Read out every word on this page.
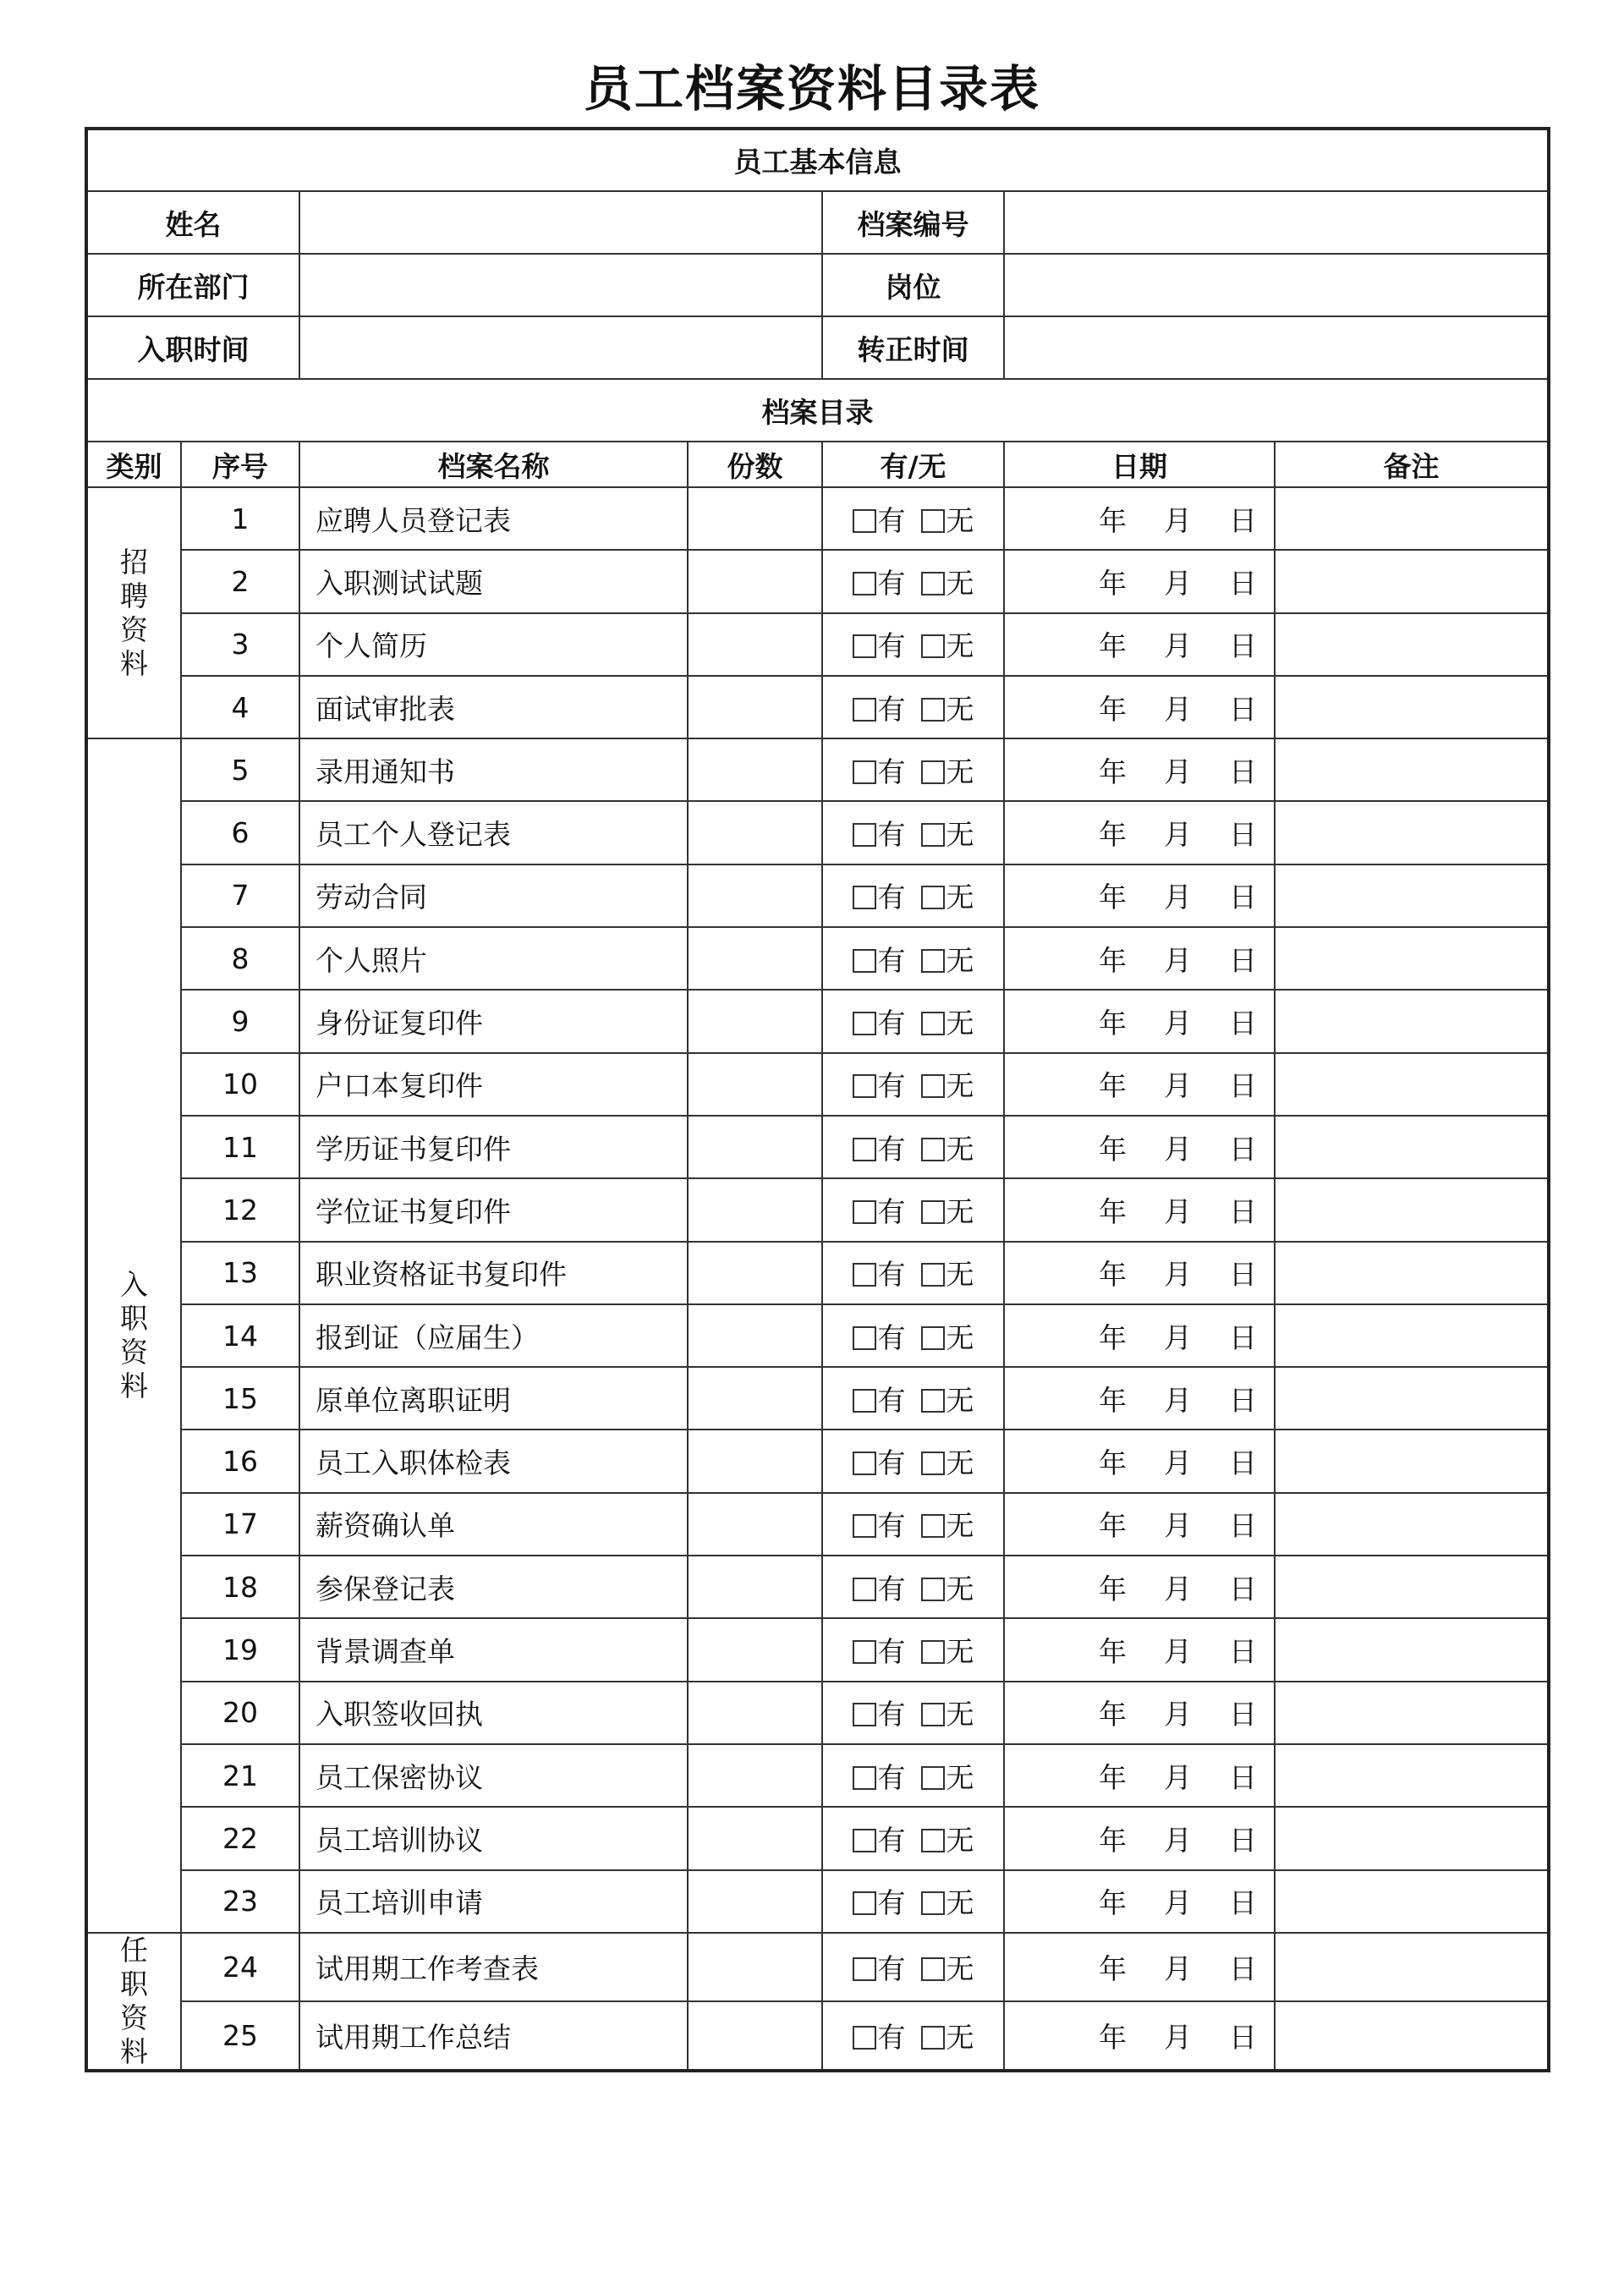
员工档案资料目录表
员工基本信息						
姓名				档案编号		
所在部门				岗位		
入职时间				转正时间		
档案目录						
类别	序号	档案名称	份数	有/无	日期	备注

招
聘
资
料	1	应聘人员登记表		有 无	年 月 日	
	2	入职测试试题		有 无	年 月 日	
	3	个人简历		有 无	年 月 日	
	4	面试审批表		有 无	年 月 日	

入
职
资
料	5	录用通知书		有 无	年 月 日	
	6	员工个人登记表		有 无	年 月 日	
	7	劳动合同		有 无	年 月 日	
	8	个人照片		有 无	年 月 日	
	9	身份证复印件		有 无	年 月 日	
	10	户口本复印件		有 无	年 月 日	
	11	学历证书复印件		有 无	年 月 日	
	12	学位证书复印件		有 无	年 月 日	
	13	职业资格证书复印件		有 无	年 月 日	
	14	报到证（应届生）		有 无	年 月 日	
	15	原单位离职证明		有 无	年 月 日	
	16	员工入职体检表		有 无	年 月 日	
	17	薪资确认单		有 无	年 月 日	
	18	参保登记表		有 无	年 月 日	
	19	背景调查单		有 无	年 月 日	
	20	入职签收回执		有 无	年 月 日	
	21	员工保密协议		有 无	年 月 日	
	22	员工培训协议		有 无	年 月 日	
	23	员工培训申请		有 无	年 月 日	

任
职
资
料	24	试用期工作考查表		有 无	年 月 日	
	25	试用期工作总结		有 无	年 月 日	
